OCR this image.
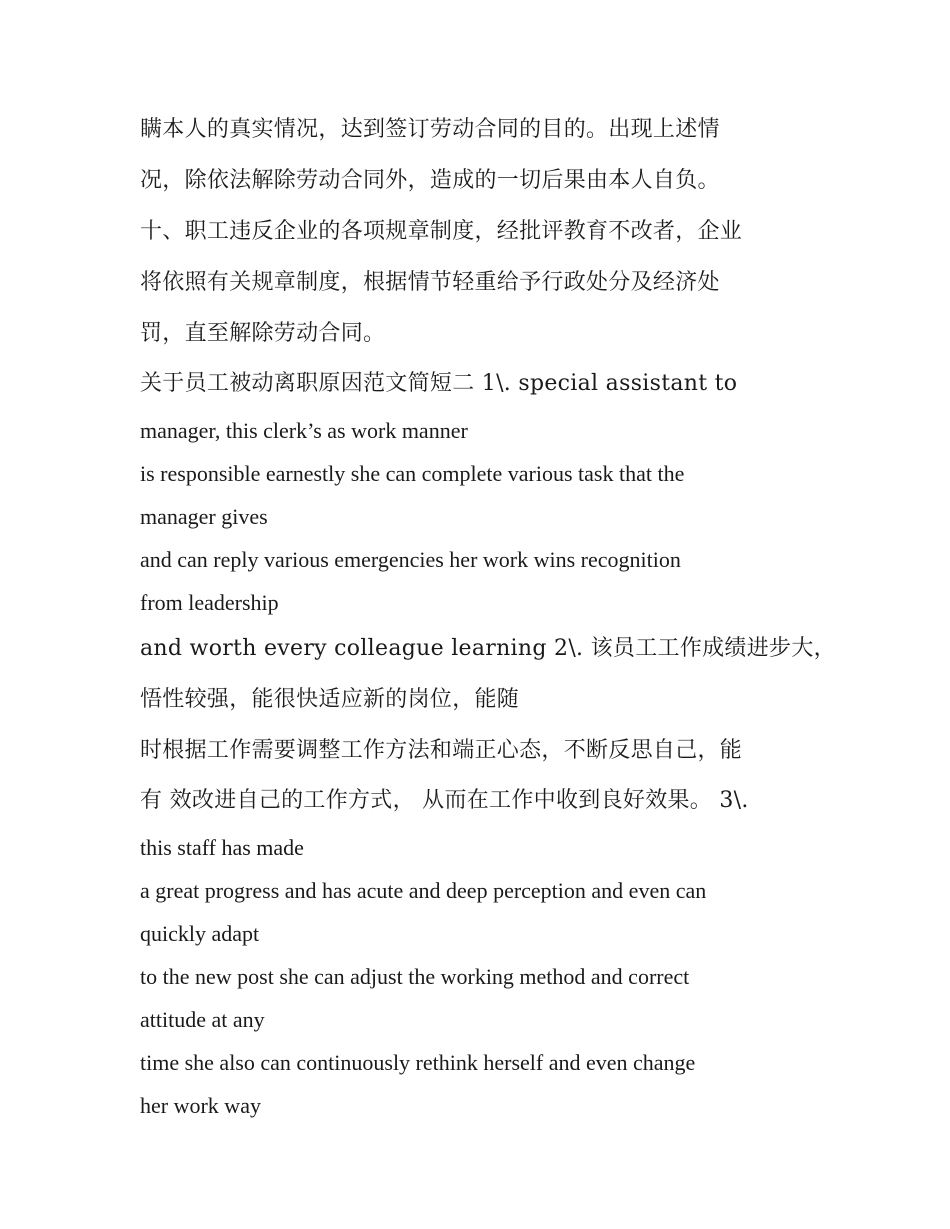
瞒本人的真实情况，达到签订劳动合同的目的。出现上述情

况，除依法解除劳动合同外，造成的一切后果由本人自负。

十、职工违反企业的各项规章制度，经批评教育不改者，企业

将依照有关规章制度，根据情节轻重给予行政处分及经济处

罚，直至解除劳动合同。

关于员工被动离职原因范文简短二 1\. special assistant to

manager, this clerk’s as work manner

is responsible earnestly she can complete various task that the

manager gives

and can reply various emergencies her work wins recognition

from leadership

and worth every colleague learning 2\. 该员工工作成绩进步大，

悟性较强，能很快适应新的岗位，能随

时根据工作需要调整工作方法和端正心态，不断反思自己，能

有 效改进自己的工作方式， 从而在工作中收到良好效果。 3\.

this staff has made

a great progress and has acute and deep perception and even can

quickly adapt

to the new post she can adjust the working method and correct

attitude at any

time she also can continuously rethink herself and even change

her work way
